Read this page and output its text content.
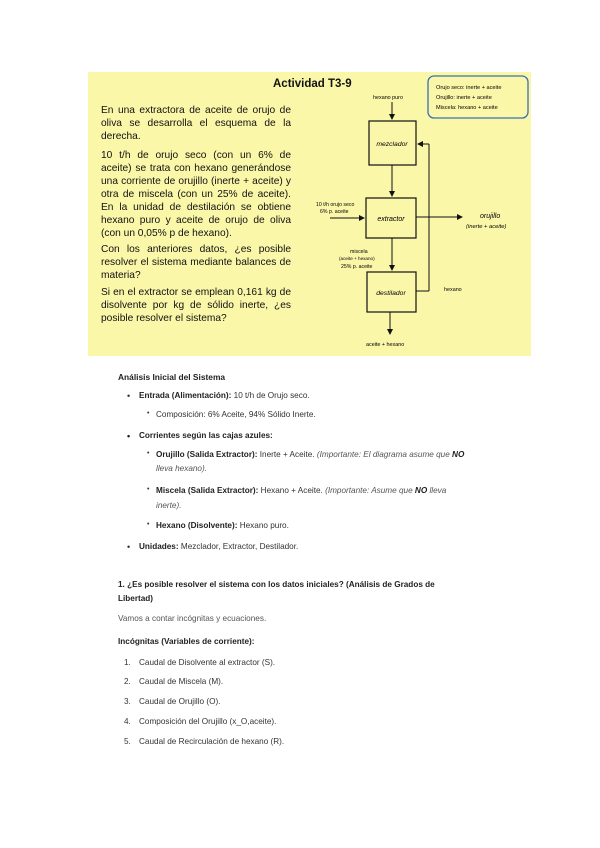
Actividad T3-9
En una extractora de aceite de orujo de oliva se desarrolla el esquema de la derecha.
10 t/h de orujo seco (con un 6% de aceite) se trata con hexano generándose una corriente de orujillo (inerte + aceite) y otra de miscela (con un 25% de aceite). En la unidad de destilación se obtiene hexano puro y aceite de orujo de oliva (con un 0,05% p de hexano).
Con los anteriores datos, ¿es posible resolver el sistema mediante balances de materia?
Si en el extractor se emplean 0,161 kg de disolvente por kg de sólido inerte, ¿es posible resolver el sistema?
Orujo seco: inerte + aceite
Orujillo: inerte + aceite
Miscela: hexano + aceite
hexano puro
mezclador
extractor
10 t/h orujo seco
6% p. aceite
orujillo
(inerte + aceite)
hexano
miscela
(aceite + hexano)
25% p. aceite
destilador
aceite + hexano
Análisis Inicial del Sistema
• Entrada (Alimentación): 10 t/h de Orujo seco.
• Composición: 6% Aceite, 94% Sólido Inerte.
• Corrientes según las cajas azules:
• Orujillo (Salida Extractor): Inerte + Aceite. (Importante: El diagrama asume que NO
lleva hexano).
• Miscela (Salida Extractor): Hexano + Aceite. (Importante: Asume que NO lleva
inerte).
• Hexano (Disolvente): Hexano puro.
• Unidades: Mezclador, Extractor, Destilador.
1. ¿Es posible resolver el sistema con los datos iniciales? (Análisis de Grados de
Libertad)
Vamos a contar incógnitas y ecuaciones.
Incógnitas (Variables de corriente):
1. Caudal de Disolvente al extractor (S).
2. Caudal de Miscela (M).
3. Caudal de Orujillo (O).
4. Composición del Orujillo (x_O,aceite).
5. Caudal de Recirculación de hexano (R).
